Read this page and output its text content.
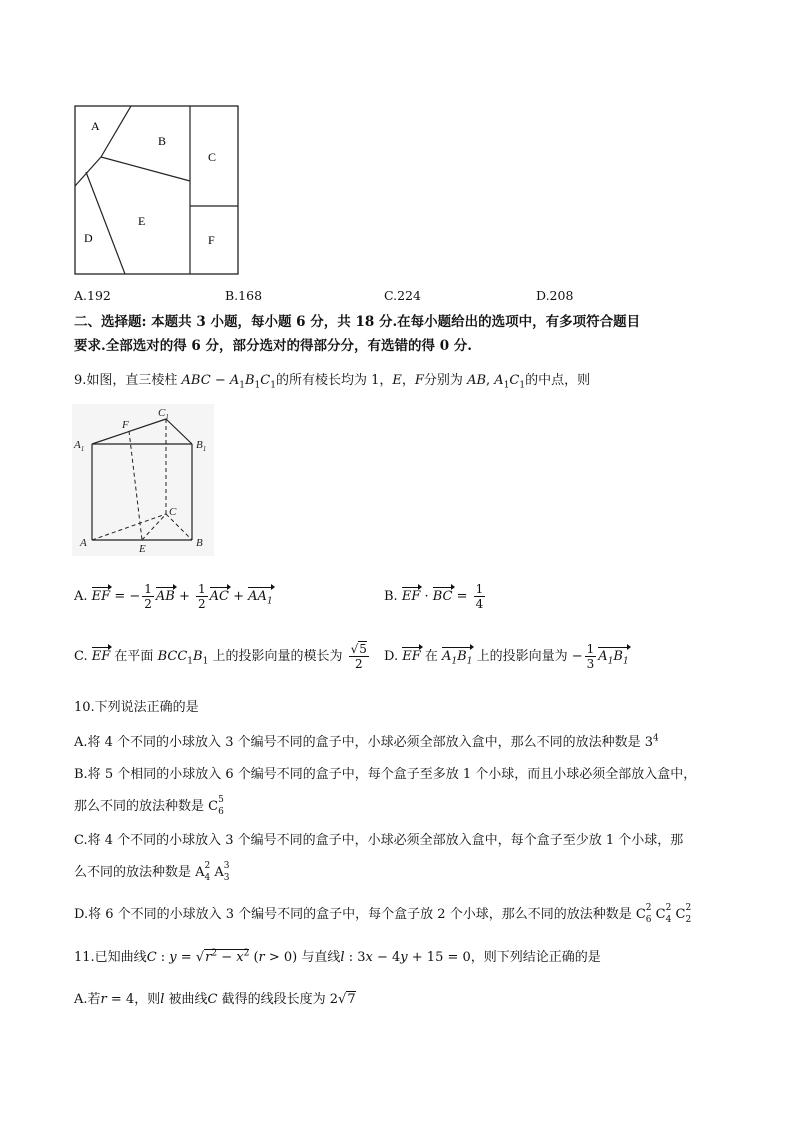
A
B
C
D
E
F
A.192	B.168	C.224	D.208
二、选择题: 本题共 3 小题，每小题 6 分，共 18 分.在每小题给出的选项中，有多项符合题目
要求.全部选对的得 6 分，部分选对的得部分分，有选错的得 0 分.
9.如图，直三棱柱 ABC − $A_1B_1C_1$的所有棱长均为 1，E，F分别为 AB, $A_1C_1$的中点，则
$A_1$
F
$C_1$
$B_1$
C
A	E	B
A. EF = − $\frac{1}{2}$ AB + $\frac{1}{2}$ AC + $AA_1$	B. EF · BC = $\frac{1}{4}$
C. EF 在平面 $BCC_1B_1$ 上的投影向量的模长为 $\frac{√5}{2} D$. EF 在 $A_1B_1$ 上的投影向量为 − $\frac{1}{3} A_1B_1$
10.下列说法正确的是
A.将 4 个不同的小球放入 3 个编号不同的盒子中，小球必须全部放入盒中，那么不同的放法种数是 $3^4$
B.将 5 个相同的小球放入 6 个编号不同的盒子中，每个盒子至多放 1 个小球，而且小球必须全部放入盒中，
那么不同的放法种数是 $C_{6 5}$
C.将 4 个不同的小球放入 3 个编号不同的盒子中，小球必须全部放入盒中，每个盒子至少放 1 个小球，那
么不同的放法种数是 $A_{4 2}$ $A_{3 3}$
D.将 6 个不同的小球放入 3 个编号不同的盒子中，每个盒子放 2 个小球，那么不同的放法种数是 $C_{6 2}$ $C_{4 2}$ $C_{2 2}$
11.已知曲线C : $y = √r^2 - x^2$ (r > 0) 与直线l : 3x − 4y + 15 = 0，则下列结论正确的是
A.若r = 4，则l 被曲线C 截得的线段长度为 2√7
